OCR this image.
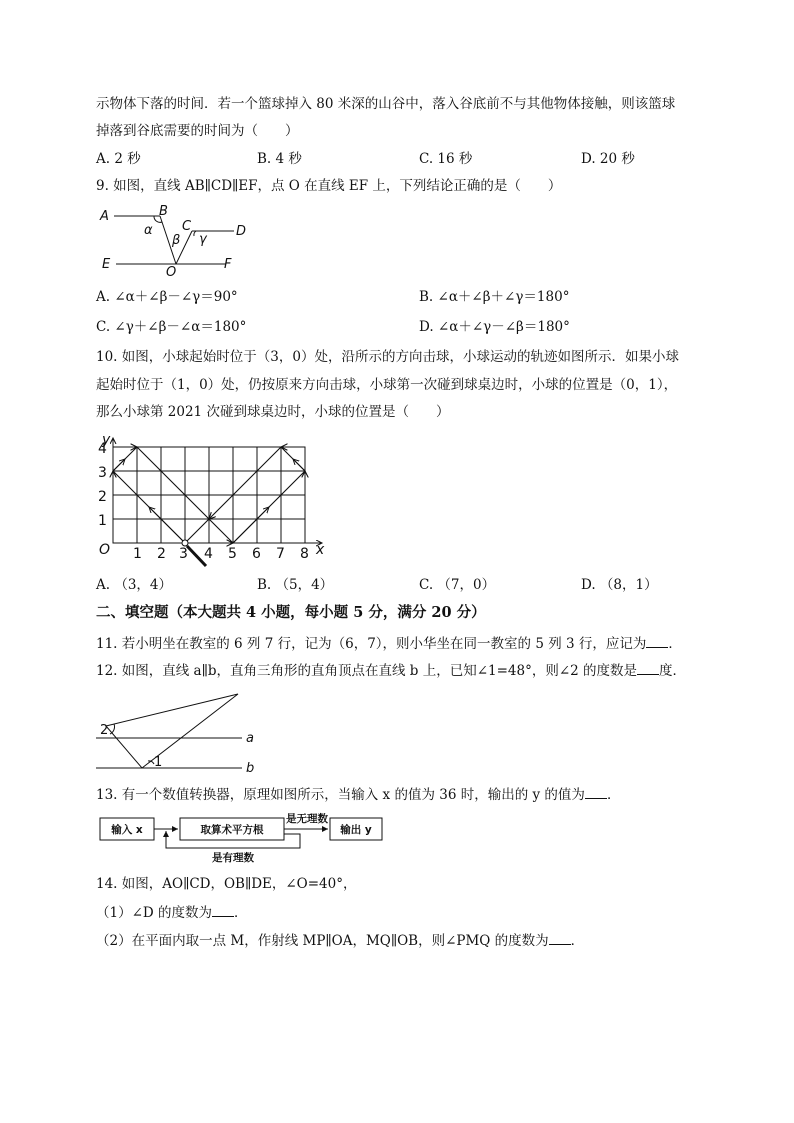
示物体下落的时间．若一个篮球掉入 80 米深的山谷中，落入谷底前不与其他物体接触，则该篮球
掉落到谷底需要的时间为（　　）
A. 2 秒	B. 4 秒	C. 16 秒	D. 20 秒
9. 如图，直线 AB∥CD∥EF，点 O 在直线 EF 上，下列结论正确的是（　　）
A	B
C	D
E	F
O
α
β γ
A. ∠α＋∠β－∠γ＝90°	B. ∠α＋∠β＋∠γ＝180°
C. ∠γ＋∠β－∠α＝180°	D. ∠α＋∠γ－∠β＝180°
10. 如图，小球起始时位于（3，0）处，沿所示的方向击球，小球运动的轨迹如图所示．如果小球
起始时位于（1，0）处，仍按原来方向击球，小球第一次碰到球桌边时，小球的位置是（0，1），
那么小球第 2021 次碰到球桌边时，小球的位置是（　　）
y
x
O 1 2 3 4 5 6 7 8
1
2
3
4
A. （3，4）	B. （5，4）	C. （7，0）	D. （8，1）
二、填空题（本大题共 4 小题，每小题 5 分，满分 20 分）
11. 若小明坐在教室的 6 列 7 行，记为（6，7），则小华坐在同一教室的 5 列 3 行，应记为 ．
12. 如图，直线 a∥b，直角三角形的直角顶点在直线 b 上，已知∠1=48°，则∠2 的度数是 度．
2
1
a
b
13. 有一个数值转换器，原理如图所示，当输入 x 的值为 36 时，输出的 y 的值为 ．
输入 x	取算术平方根	输出 y
是无理数
是有理数
14. 如图，AO∥CD，OB∥DE，∠O=40°，
（1）∠D 的度数为 ．
（2）在平面内取一点 M，作射线 MP∥OA，MQ∥OB，则∠PMQ 的度数为 ．
